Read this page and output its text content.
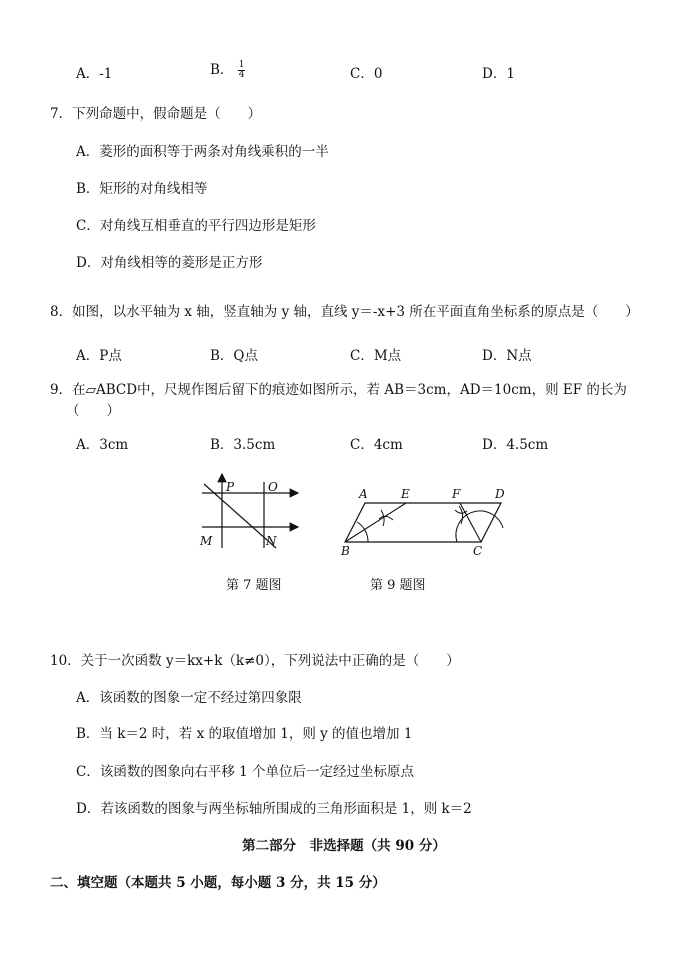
A．-1	B． $\frac{1}{4}$	C．0	D．1
7．下列命题中，假命题是（　　）
A．菱形的面积等于两条对角线乘积的一半
B．矩形的对角线相等
C．对角线互相垂直的平行四边形是矩形
D．对角线相等的菱形是正方形
8．如图，以水平轴为 x 轴，竖直轴为 y 轴，直线 y＝-x+3 所在平面直角坐标系的原点是（　　）
A．P点	B．Q点	C．M点	D．N点
9．在▱ABCD中，尺规作图后留下的痕迹如图所示，若 AB＝3cm，AD＝10cm，则 EF 的长为
（　　）
A．3cm	B．3.5cm	C．4cm	D．4.5cm
P	O
M	N
A	E	F	D
B	C
第 7 题图	第 9 题图
10．关于一次函数 y＝kx+k（k≠0），下列说法中正确的是（　　）
A．该函数的图象一定不经过第四象限
B．当 k＝2 时，若 x 的取值增加 1，则 y 的值也增加 1
C．该函数的图象向右平移 1 个单位后一定经过坐标原点
D．若该函数的图象与两坐标轴所围成的三角形面积是 1，则 k＝2
第二部分　非选择题（共 90 分）
二、填空题（本题共 5 小题，每小题 3 分，共 15 分）
